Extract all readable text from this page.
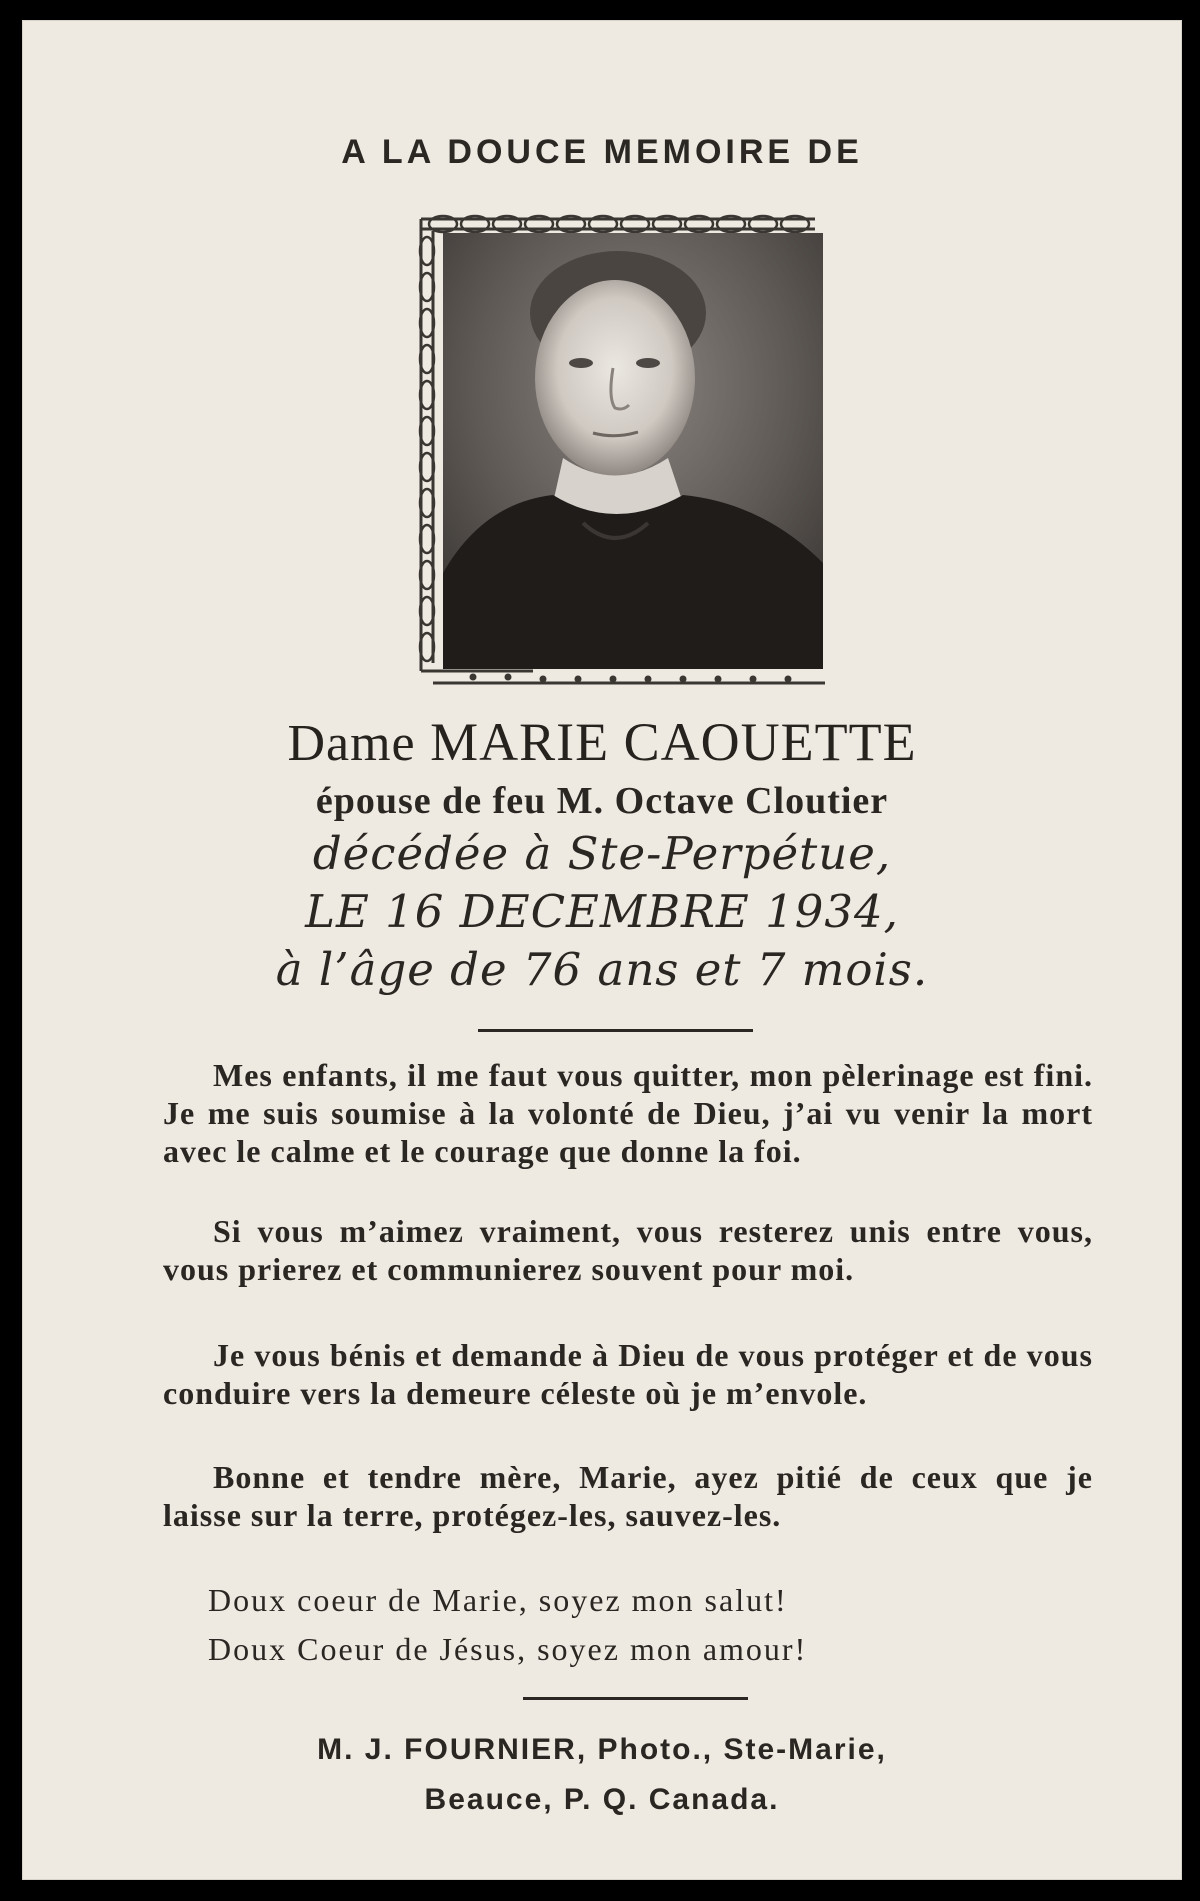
A LA DOUCE MEMOIRE DE
Dame MARIE CAOUETTE
épouse de feu M. Octave Cloutier
décédée à Ste-Perpétue,
LE 16 DECEMBRE 1934,
à l’âge de 76 ans et 7 mois.
Mes enfants, il me faut vous quitter, mon pèlerinage est fini. Je me suis soumise à la volonté de Dieu, j’ai vu venir la mort avec le calme et le courage que donne la foi.
Si vous m’aimez vraiment, vous resterez unis entre vous, vous prierez et communierez souvent pour moi.
Je vous bénis et demande à Dieu de vous protéger et de vous conduire vers la demeure céleste où je m’envole.
Bonne et tendre mère, Marie, ayez pitié de ceux que je laisse sur la terre, protégez-les, sauvez-les.
Doux coeur de Marie, soyez mon salut!
Doux Coeur de Jésus, soyez mon amour!
M. J. FOURNIER, Photo., Ste-Marie,
Beauce, P. Q. Canada.
